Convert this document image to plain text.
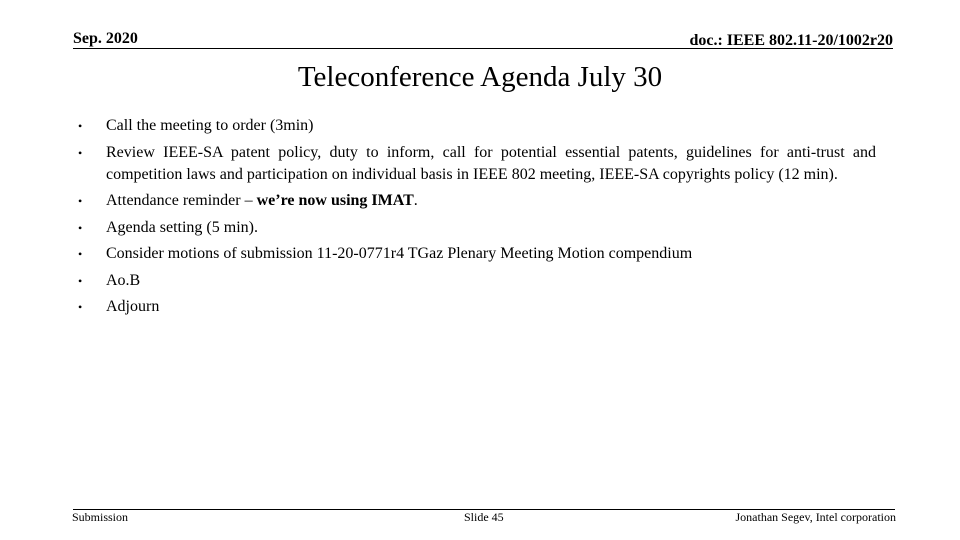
Sep. 2020	doc.: IEEE 802.11-20/1002r20
Teleconference Agenda July 30
• Call the meeting to order (3min)
• Review IEEE-SA patent policy, duty to inform, call for potential essential patents, guidelines for anti-trust and competition laws and participation on individual basis in IEEE 802 meeting, IEEE-SA copyrights policy (12 min).
• Attendance reminder – we’re now using IMAT.
• Agenda setting (5 min).
• Consider motions of submission 11-20-0771r4 TGaz Plenary Meeting Motion compendium
• Ao.B
• Adjourn
Submission	Slide 45	Jonathan Segev, Intel corporation
